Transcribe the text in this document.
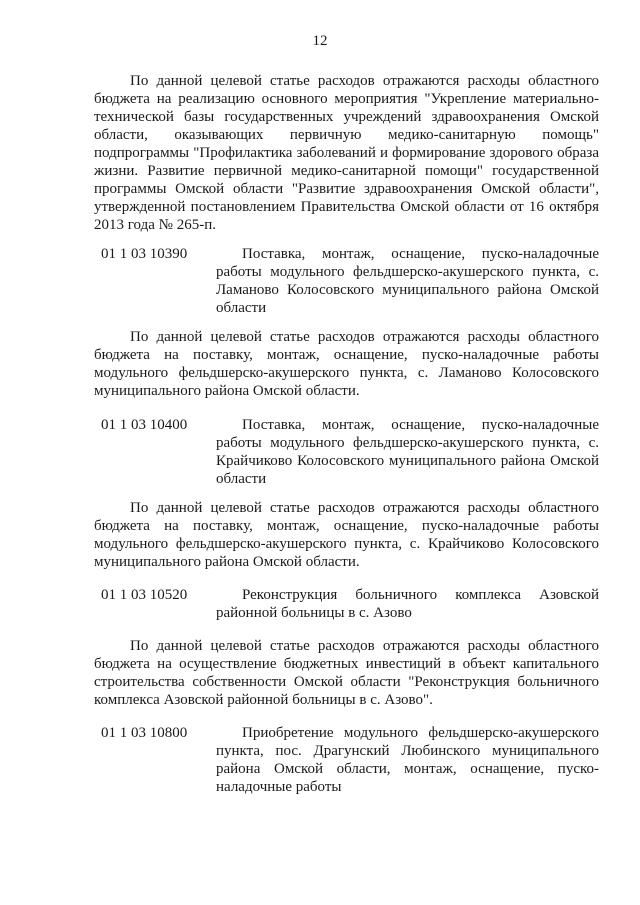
12

По данной целевой статье расходов отражаются расходы областного бюджета на реализацию основного мероприятия "Укрепление материально-технической базы государственных учреждений здравоохранения Омской области, оказывающих первичную медико-санитарную помощь" подпрограммы "Профилактика заболеваний и формирование здорового образа жизни. Развитие первичной медико-санитарной помощи" государственной программы Омской области "Развитие здравоохранения Омской области", утвержденной постановлением Правительства Омской области от 16 октября 2013 года № 265-п.

01 1 03 10390	Поставка, монтаж, оснащение, пуско-наладочные работы модульного фельдшерско-акушерского пункта, с. Ламаново Колосовского муниципального района Омской области

По данной целевой статье расходов отражаются расходы областного бюджета на поставку, монтаж, оснащение, пуско-наладочные работы модульного фельдшерско-акушерского пункта, с. Ламаново Колосовского муниципального района Омской области.

01 1 03 10400	Поставка, монтаж, оснащение, пуско-наладочные работы модульного фельдшерско-акушерского пункта, с. Крайчиково Колосовского муниципального района Омской области

По данной целевой статье расходов отражаются расходы областного бюджета на поставку, монтаж, оснащение, пуско-наладочные работы модульного фельдшерско-акушерского пункта, с. Крайчиково Колосовского муниципального района Омской области.

01 1 03 10520	Реконструкция больничного комплекса Азовской районной больницы в с. Азово

По данной целевой статье расходов отражаются расходы областного бюджета на осуществление бюджетных инвестиций в объект капитального строительства собственности Омской области "Реконструкция больничного комплекса Азовской районной больницы в с. Азово".

01 1 03 10800	Приобретение модульного фельдшерско-акушерского пункта, пос. Драгунский Любинского муниципального района Омской области, монтаж, оснащение, пуско-наладочные работы
